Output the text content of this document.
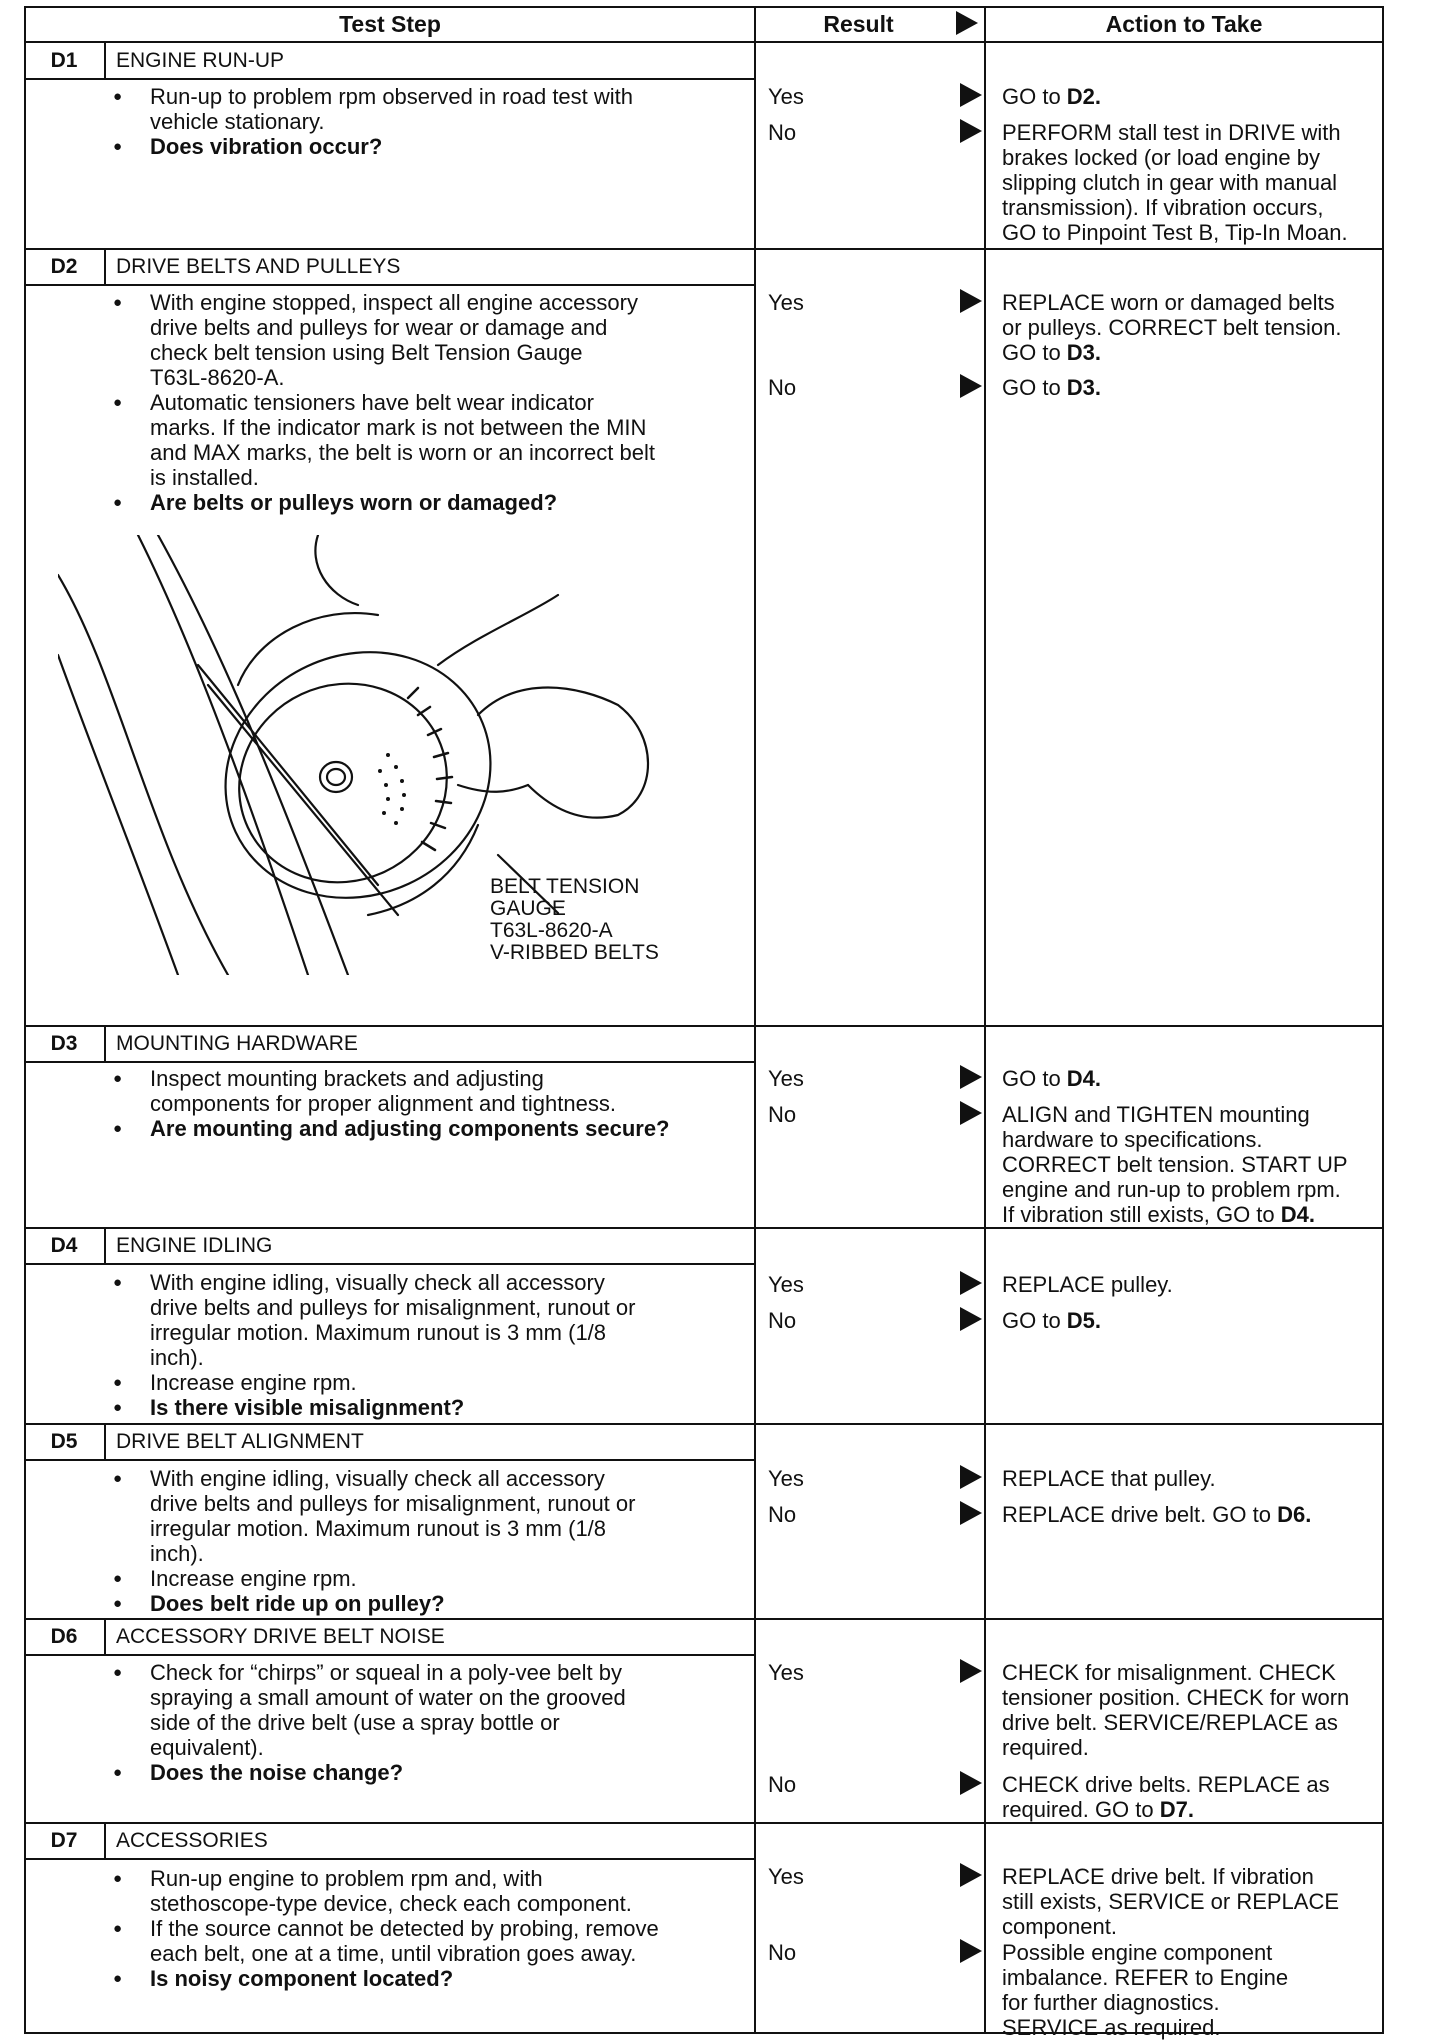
Test Step	Result	Action to Take
D1	ENGINE RUN-UP
● Run-up to problem rpm observed in road test with
vehicle stationary.
● Does vibration occur?
Yes	GO to D2.
No	PERFORM stall test in DRIVE with
brakes locked (or load engine by
slipping clutch in gear with manual
transmission). If vibration occurs,
GO to Pinpoint Test B, Tip-In Moan.
D2	DRIVE BELTS AND PULLEYS
● With engine stopped, inspect all engine accessory
drive belts and pulleys for wear or damage and
check belt tension using Belt Tension Gauge
T63L-8620-A.
● Automatic tensioners have belt wear indicator
marks. If the indicator mark is not between the MIN
and MAX marks, the belt is worn or an incorrect belt
is installed.
● Are belts or pulleys worn or damaged?
Yes	REPLACE worn or damaged belts
or pulleys. CORRECT belt tension.
GO to D3.
No	GO to D3.
D3	MOUNTING HARDWARE
● Inspect mounting brackets and adjusting
components for proper alignment and tightness.
● Are mounting and adjusting components secure?
Yes	GO to D4.
No	ALIGN and TIGHTEN mounting
hardware to specifications.
CORRECT belt tension. START UP
engine and run-up to problem rpm.
If vibration still exists, GO to D4.
D4	ENGINE IDLING
● With engine idling, visually check all accessory
drive belts and pulleys for misalignment, runout or
irregular motion. Maximum runout is 3 mm (1/8
inch).
● Increase engine rpm.
● Is there visible misalignment?
Yes	REPLACE pulley.
No	GO to D5.
D5	DRIVE BELT ALIGNMENT
● With engine idling, visually check all accessory
drive belts and pulleys for misalignment, runout or
irregular motion. Maximum runout is 3 mm (1/8
inch).
● Increase engine rpm.
● Does belt ride up on pulley?
Yes	REPLACE that pulley.
No	REPLACE drive belt. GO to D6.
D6	ACCESSORY DRIVE BELT NOISE
● Check for “chirps” or squeal in a poly-vee belt by
spraying a small amount of water on the grooved
side of the drive belt (use a spray bottle or
equivalent).
● Does the noise change?
Yes	CHECK for misalignment. CHECK
tensioner position. CHECK for worn
drive belt. SERVICE/REPLACE as
required.
No	CHECK drive belts. REPLACE as
required. GO to D7.
D7	ACCESSORIES
● Run-up engine to problem rpm and, with
stethoscope-type device, check each component.
● If the source cannot be detected by probing, remove
each belt, one at a time, until vibration goes away.
● Is noisy component located?
Yes	REPLACE drive belt. If vibration
still exists, SERVICE or REPLACE
component.
No	Possible engine component
imbalance. REFER to Engine
for further diagnostics.
SERVICE as required.
BELT TENSION
GAUGE
T63L-8620-A
V-RIBBED BELTS
